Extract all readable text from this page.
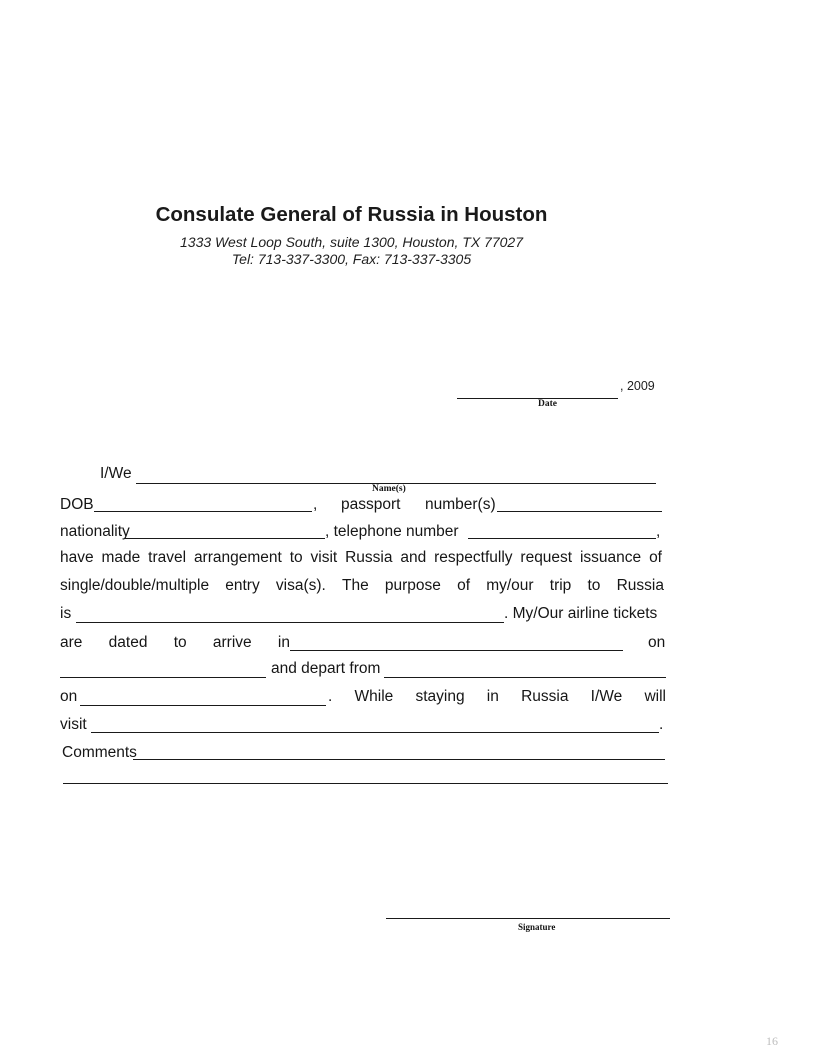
Consulate General of Russia in Houston
1333 West Loop South, suite 1300, Houston, TX 77027
Tel: 713-337-3300, Fax: 713-337-3305
, 2009
Date
I/We
Name(s)
DOB	, passport number(s)
nationality	, telephone number	,
have made travel arrangement to visit Russia and respectfully request issuance of
single/double/multiple entry visa(s). The purpose of my/our trip to Russia
is	. My/Our airline tickets
are dated to arrive in	on
and depart from
on	. While staying in Russia I/We will
visit	.
Comments
Signature
16
